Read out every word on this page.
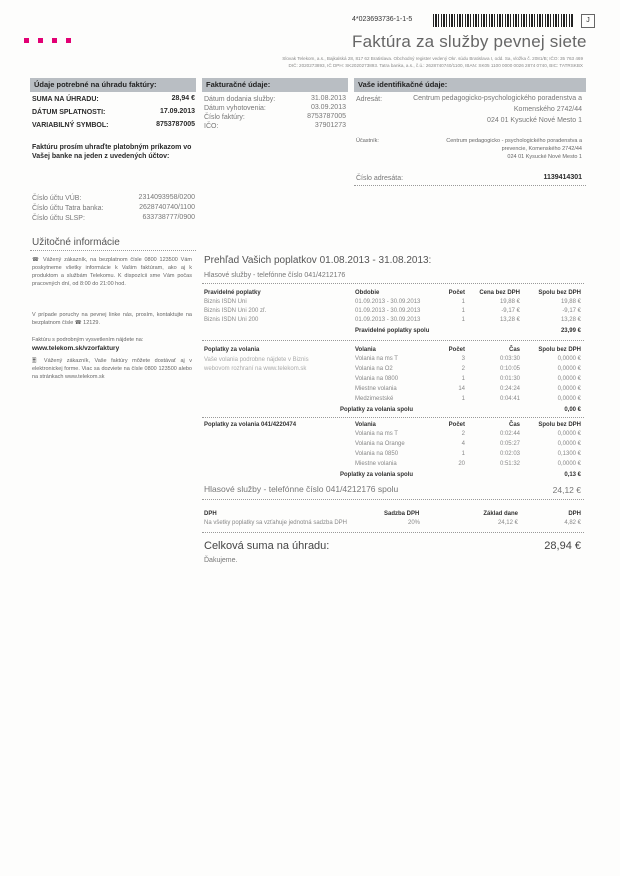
4*023693736-1-1-5	J
Faktúra za služby pevnej siete
Slovak Telekom, a.s., Bajkalská 28, 817 62 Bratislava. Obchodný register vedený Okr. súdu Bratislava I, odd. Sa, vložka č. 2081/B; IČO: 35 763 469
DIČ: 2020273893, IČ DPH: SK2020273893. Tatra banka, a.s., č.ú.: 2628740740/1100, IBAN: SK05 1100 0000 0026 2874 0740, BIC: TATRSKBX
Údaje potrebné na úhradu faktúry:
SUMA NA ÚHRADU:	28,94 €
DÁTUM SPLATNOSTI:	17.09.2013
VARIABILNÝ SYMBOL:	8753787005
Faktúru prosím uhraďte platobným príkazom vo Vašej banke na jeden z uvedených účtov:
Číslo účtu VÚB:	2314093958/0200
Číslo účtu Tatra banka:	2628740740/1100
Číslo účtu SLSP:	633738777/0900
Fakturačné údaje:
Dátum dodania služby:	31.08.2013
Dátum vyhotovenia:	03.09.2013
Číslo faktúry:	8753787005
IČO:	37901273
Vaše identifikačné údaje:
Adresát:	Centrum pedagogicko-psychologického poradenstva a
Komenského 2742/44
024 01 Kysucké Nové Mesto 1
Účastník:	Centrum pedagogicko - psychologického poradenstva a
prevencie, Komenského 2742/44
024 01 Kysucké Nové Mesto 1
Číslo adresáta:	1139414301
Užitočné informácie
☎ Vážený zákazník, na bezplatnom čísle 0800 123500 Vám poskytneme všetky informácie k Vašim faktúram, ako aj k produktom a službám Telekomu. K dispozícii sme Vám počas pracovných dní, od 8:00 do 21:00 hod.
V prípade poruchy na pevnej linke nás, prosím, kontaktujte na bezplatnom čísle ☎ 12129.
Faktúru s podrobným vysvetlením nájdete na:
www.telekom.sk/vzorfaktury
🗏 Vážený zákazník, Vaše faktúry môžete dostávať aj v elektronickej forme. Viac sa dozviete na čísle 0800 123500 alebo na stránkach www.telekom.sk
Prehľad Vašich poplatkov 01.08.2013 - 31.08.2013:
Hlasové služby - telefónne číslo 041/4212176
Pravidelné poplatky	Obdobie	Počet	Cena bez DPH	Spolu bez DPH
Biznis ISDN Uni	01.09.2013 - 30.09.2013	1	19,88 €	19,88 €
Biznis ISDN Uni 200 zľ.	01.09.2013 - 30.09.2013	1	-9,17 €	-9,17 €
Biznis ISDN Uni 200	01.09.2013 - 30.09.2013	1	13,28 €	13,28 €
Pravidelné poplatky spolu	23,99 €
Poplatky za volania	Volania	Počet	Čas	Spolu bez DPH
Vaše volania podrobne nájdete v Biznis webovom rozhraní na www.telekom.sk
Volania na ms T	3	0:03:30	0,0000 €
Volania na O2	2	0:10:05	0,0000 €
Volania na 0800	1	0:01:30	0,0000 €
Miestne volania	14	0:24:24	0,0000 €
Medzimestské	1	0:04:41	0,0000 €
Poplatky za volania spolu	0,00 €
Poplatky za volania 041/4220474	Volania	Počet	Čas	Spolu bez DPH
Volania na ms T	2	0:02:44	0,0000 €
Volania na Orange	4	0:05:27	0,0000 €
Volania na 0850	1	0:02:03	0,1300 €
Miestne volania	20	0:51:32	0,0000 €
Poplatky za volania spolu	0,13 €
Hlasové služby - telefónne číslo 041/4212176 spolu	24,12 €
DPH	Sadzba DPH	Základ dane	DPH
Na všetky poplatky sa vzťahuje jednotná sadzba DPH	20%	24,12 €	4,82 €
Celková suma na úhradu:	28,94 €
Ďakujeme.
